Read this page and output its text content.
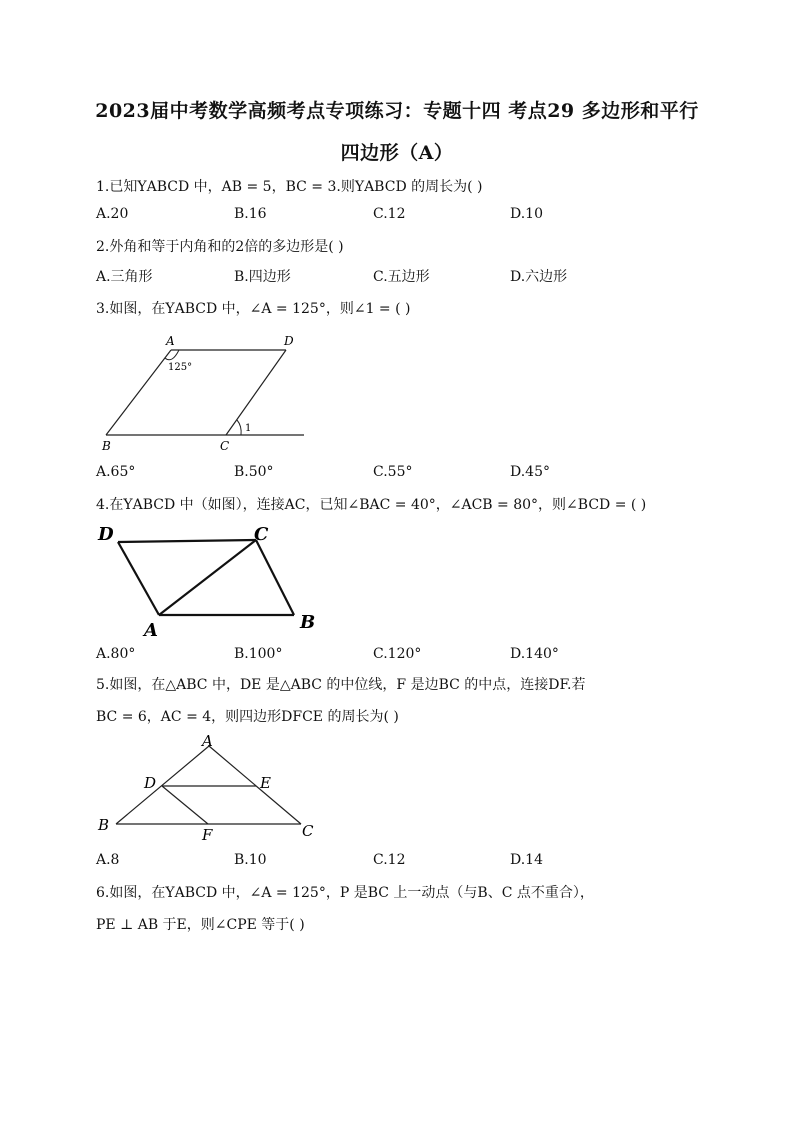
2023届中考数学高频考点专项练习：专题十四 考点29 多边形和平行
四边形（A）
1.已知ΥABCD 中，AB = 5，BC = 3.则ΥABCD 的周长为( )
A.20	B.16	C.12	D.10
2.外角和等于内角和的2倍的多边形是( )
A.三角形	B.四边形	C.五边形	D.六边形
3.如图，在ΥABCD 中，∠A = 125°，则∠1 = ( )
A	D
B	C
125°
1
A.65°	B.50°	C.55°	D.45°
4.在ΥABCD 中（如图），连接AC，已知∠BAC = 40°，∠ACB = 80°，则∠BCD = ( )
D	C
A	B
A.80°	B.100°	C.120°	D.140°
5.如图，在△ABC 中，DE 是△ABC 的中位线，F 是边BC 的中点，连接DF.若
BC = 6，AC = 4，则四边形DFCE 的周长为( )
A
D	E
B
F	C
A.8	B.10	C.12	D.14
6.如图，在ΥABCD 中，∠A = 125°，P 是BC 上一动点（与B、C 点不重合），
PE ⊥ AB 于E，则∠CPE 等于( )
